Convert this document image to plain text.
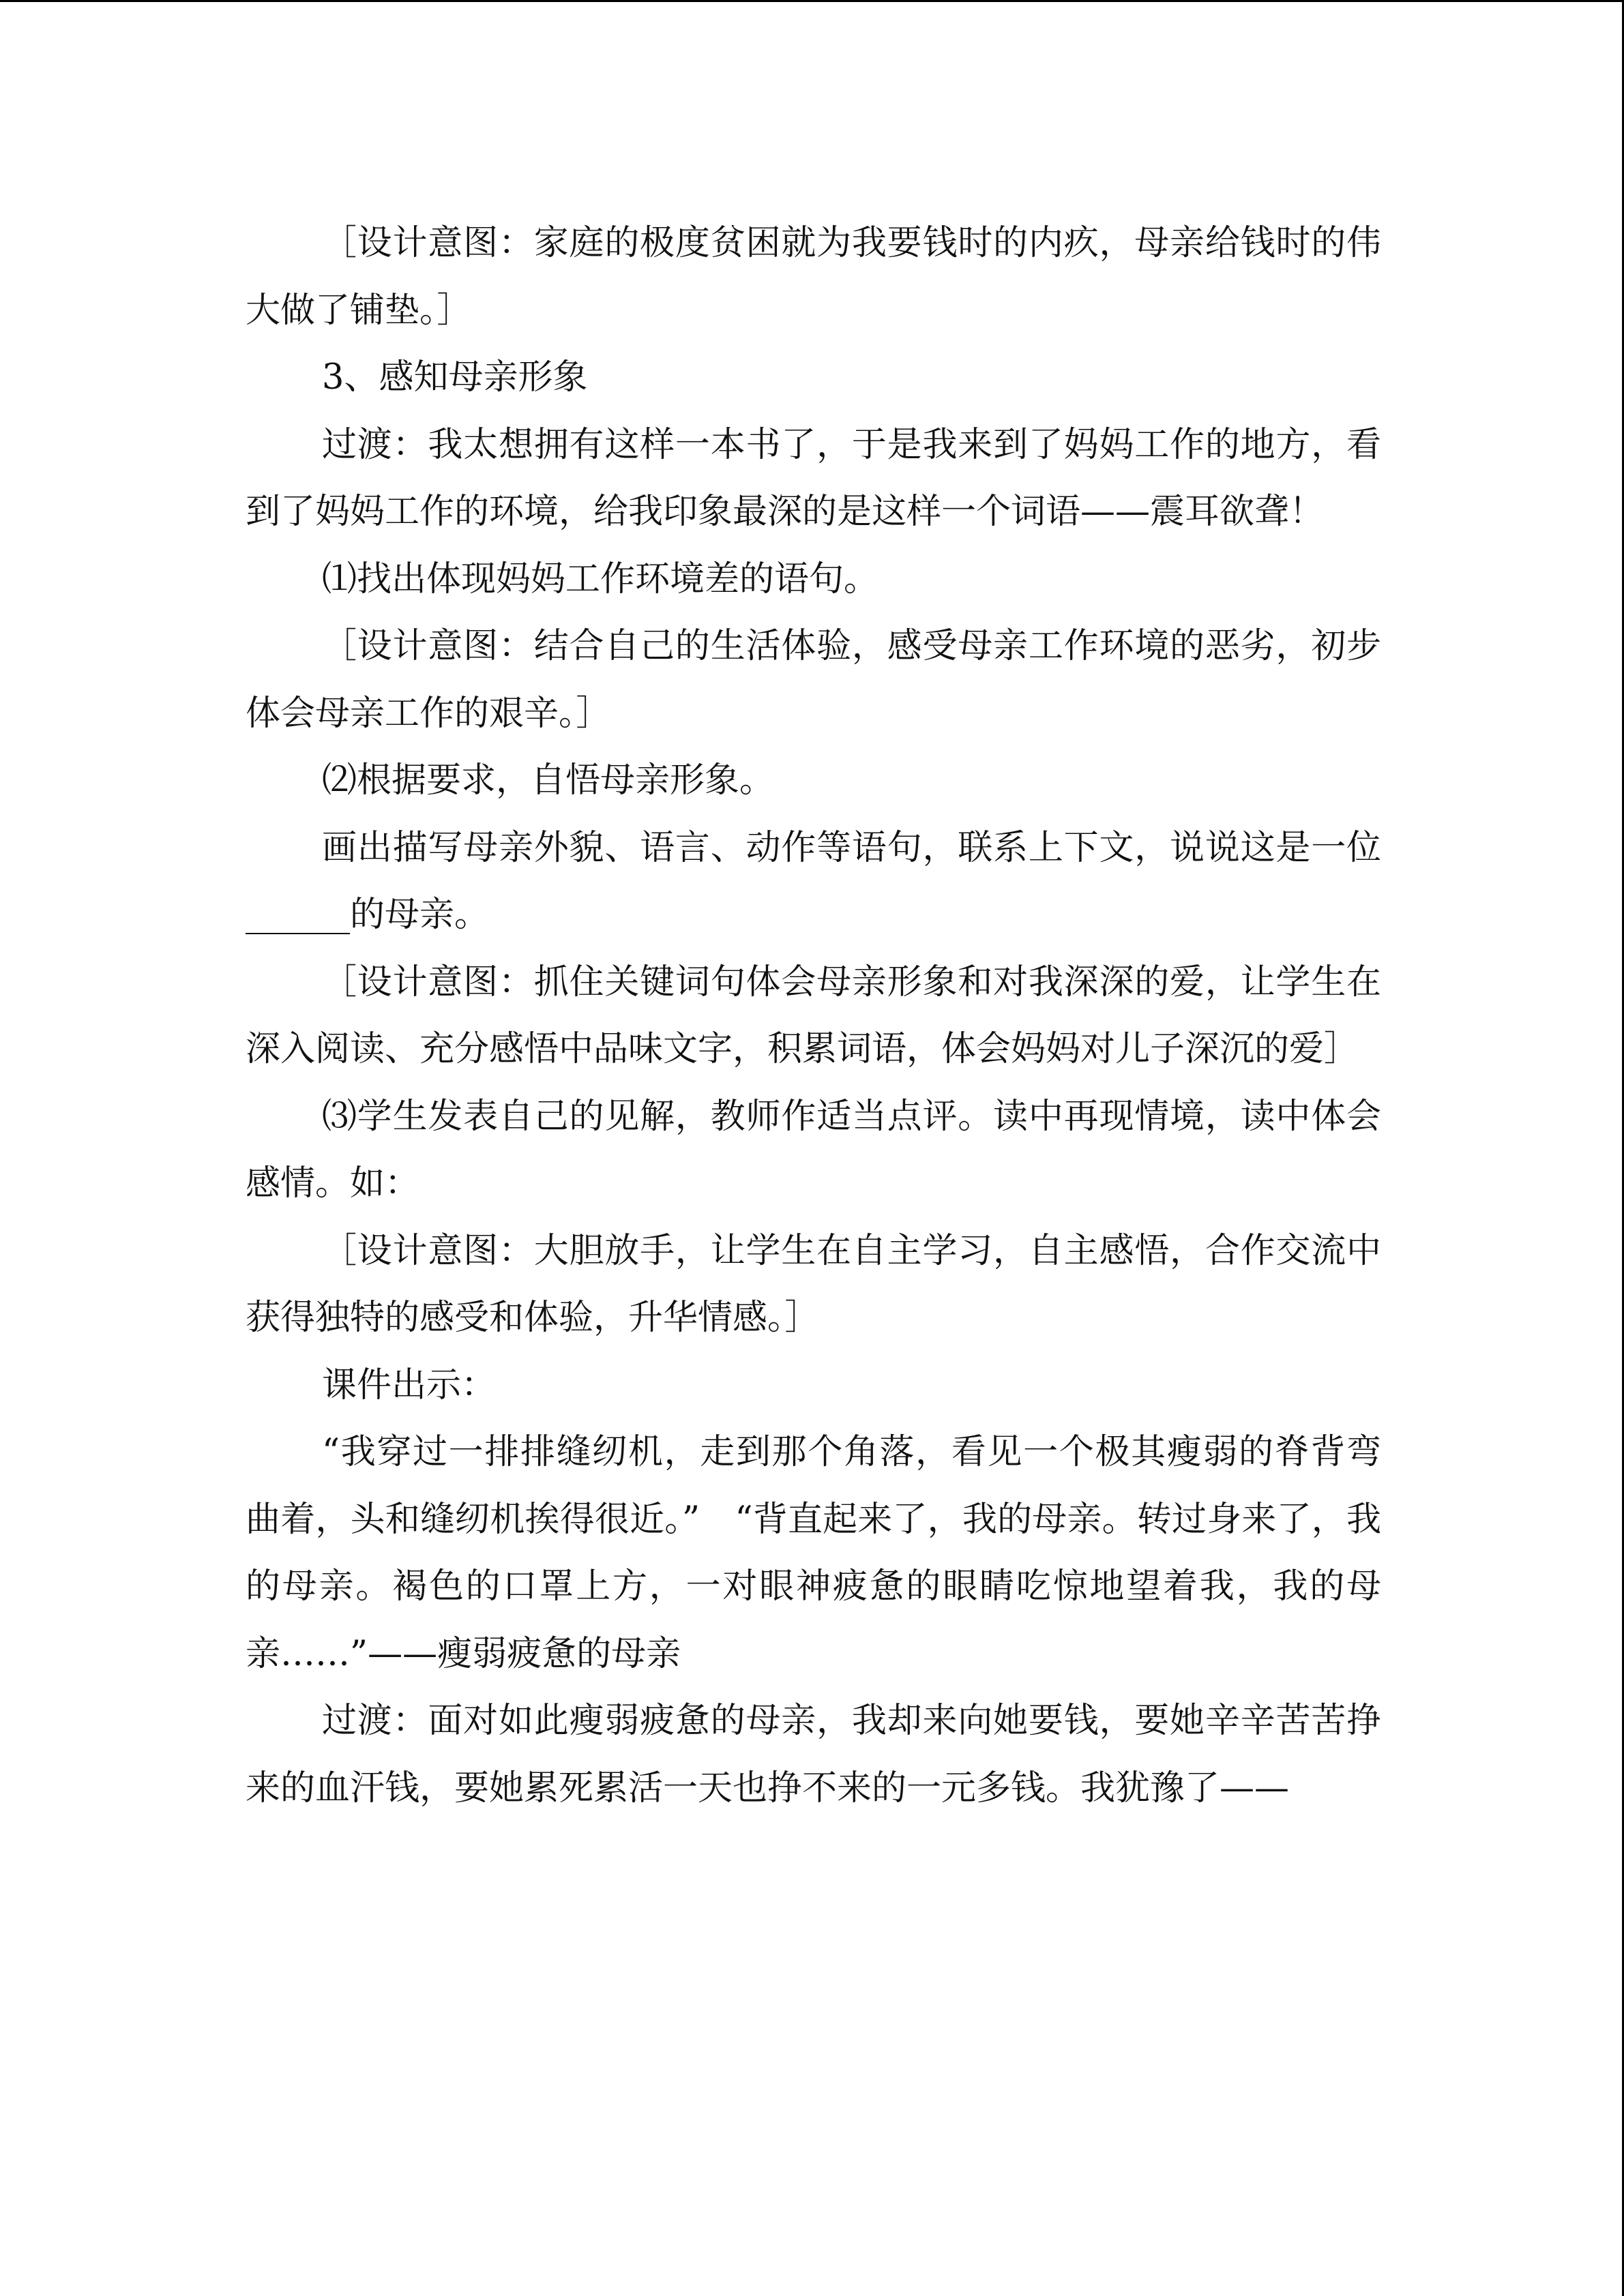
［设计意图：家庭的极度贫困就为我要钱时的内疚，母亲给钱时的伟大做了铺垫。］

3、感知母亲形象

过渡：我太想拥有这样一本书了，于是我来到了妈妈工作的地方，看到了妈妈工作的环境，给我印象最深的是这样一个词语——震耳欲聋！

⑴找出体现妈妈工作环境差的语句。

［设计意图：结合自己的生活体验，感受母亲工作环境的恶劣，初步体会母亲工作的艰辛。］

⑵根据要求，自悟母亲形象。

画出描写母亲外貌、语言、动作等语句，联系上下文，说说这是一位______的母亲。

［设计意图：抓住关键词句体会母亲形象和对我深深的爱，让学生在深入阅读、充分感悟中品味文字，积累词语，体会妈妈对儿子深沉的爱］

⑶学生发表自己的见解，教师作适当点评。读中再现情境，读中体会感情。如：

［设计意图：大胆放手，让学生在自主学习，自主感悟，合作交流中获得独特的感受和体验，升华情感。］

课件出示：

“我穿过一排排缝纫机，走到那个角落，看见一个极其瘦弱的脊背弯曲着，头和缝纫机挨得很近。”　“背直起来了，我的母亲。转过身来了，我的母亲。褐色的口罩上方，一对眼神疲惫的眼睛吃惊地望着我，我的母亲……”——瘦弱疲惫的母亲

过渡：面对如此瘦弱疲惫的母亲，我却来向她要钱，要她辛辛苦苦挣来的血汗钱，要她累死累活一天也挣不来的一元多钱。我犹豫了——
